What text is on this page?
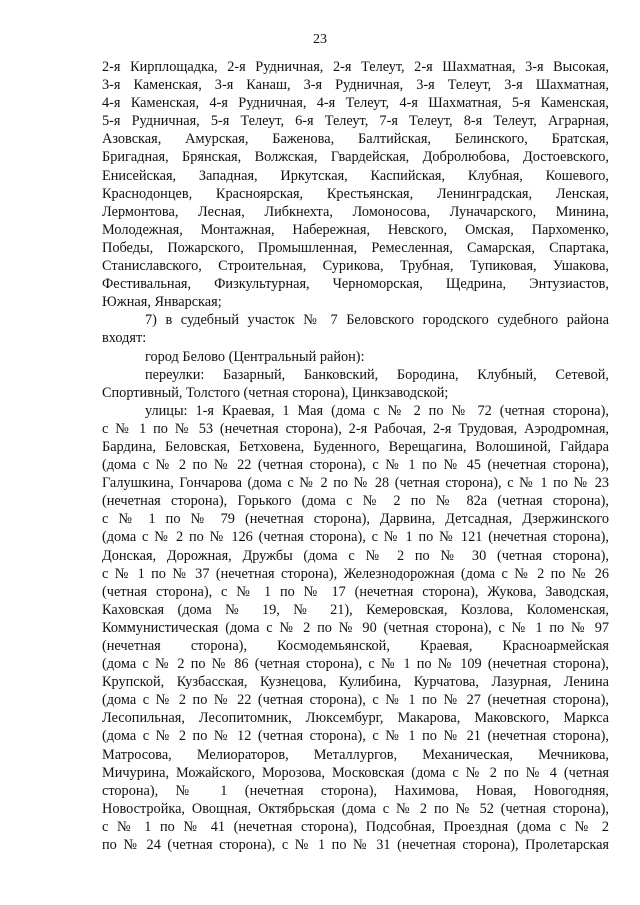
23
2-я Кирплощадка, 2-я Рудничная, 2-я Телеут, 2-я Шахматная, 3-я Высокая,
3-я Каменская, 3-я Канаш, 3-я Рудничная, 3-я Телеут, 3-я Шахматная,
4-я Каменская, 4-я Рудничная, 4-я Телеут, 4-я Шахматная, 5-я Каменская,
5-я Рудничная, 5-я Телеут, 6-я Телеут, 7-я Телеут, 8-я Телеут, Аграрная,
Азовская, Амурская, Баженова, Балтийская, Белинского, Братская,
Бригадная, Брянская, Волжская, Гвардейская, Добролюбова, Достоевского,
Енисейская, Западная, Иркутская, Каспийская, Клубная, Кошевого,
Краснодонцев, Красноярская, Крестьянская, Ленинградская, Ленская,
Лермонтова, Лесная, Либкнехта, Ломоносова, Луначарского, Минина,
Молодежная, Монтажная, Набережная, Невского, Омская, Пархоменко,
Победы, Пожарского, Промышленная, Ремесленная, Самарская, Спартака,
Станиславского, Строительная, Сурикова, Трубная, Тупиковая, Ушакова,
Фестивальная, Физкультурная, Черноморская, Щедрина, Энтузиастов,
Южная, Январская;
7) в судебный участок № 7 Беловского городского судебного района
входят:
город Белово (Центральный район):
переулки: Базарный, Банковский, Бородина, Клубный, Сетевой,
Спортивный, Толстого (четная сторона), Цинкзаводской;
улицы: 1-я Краевая, 1 Мая (дома с № 2 по № 72 (четная сторона),
с № 1 по № 53 (нечетная сторона), 2-я Рабочая, 2-я Трудовая, Аэродромная,
Бардина, Беловская, Бетховена, Буденного, Верещагина, Волошиной, Гайдара
(дома с № 2 по № 22 (четная сторона), с № 1 по № 45 (нечетная сторона),
Галушкина, Гончарова (дома с № 2 по № 28 (четная сторона), с № 1 по № 23
(нечетная сторона), Горького (дома с № 2 по № 82а (четная сторона),
с № 1 по № 79 (нечетная сторона), Дарвина, Детсадная, Дзержинского
(дома с № 2 по № 126 (четная сторона), с № 1 по № 121 (нечетная сторона),
Донская, Дорожная, Дружбы (дома с № 2 по № 30 (четная сторона),
с № 1 по № 37 (нечетная сторона), Железнодорожная (дома с № 2 по № 26
(четная сторона), с № 1 по № 17 (нечетная сторона), Жукова, Заводская,
Каховская (дома № 19, № 21), Кемеровская, Козлова, Коломенская,
Коммунистическая (дома с № 2 по № 90 (четная сторона), с № 1 по № 97
(нечетная сторона), Космодемьянской, Краевая, Красноармейская
(дома с № 2 по № 86 (четная сторона), с № 1 по № 109 (нечетная сторона),
Крупской, Кузбасская, Кузнецова, Кулибина, Курчатова, Лазурная, Ленина
(дома с № 2 по № 22 (четная сторона), с № 1 по № 27 (нечетная сторона),
Лесопильная, Лесопитомник, Люксембург, Макарова, Маковского, Маркса
(дома с № 2 по № 12 (четная сторона), с № 1 по № 21 (нечетная сторона),
Матросова, Мелиораторов, Металлургов, Механическая, Мечникова,
Мичурина, Можайского, Морозова, Московская (дома с № 2 по № 4 (четная
сторона), № 1 (нечетная сторона), Нахимова, Новая, Новогодняя,
Новостройка, Овощная, Октябрьская (дома с № 2 по № 52 (четная сторона),
с № 1 по № 41 (нечетная сторона), Подсобная, Проездная (дома с № 2
по № 24 (четная сторона), с № 1 по № 31 (нечетная сторона), Пролетарская
